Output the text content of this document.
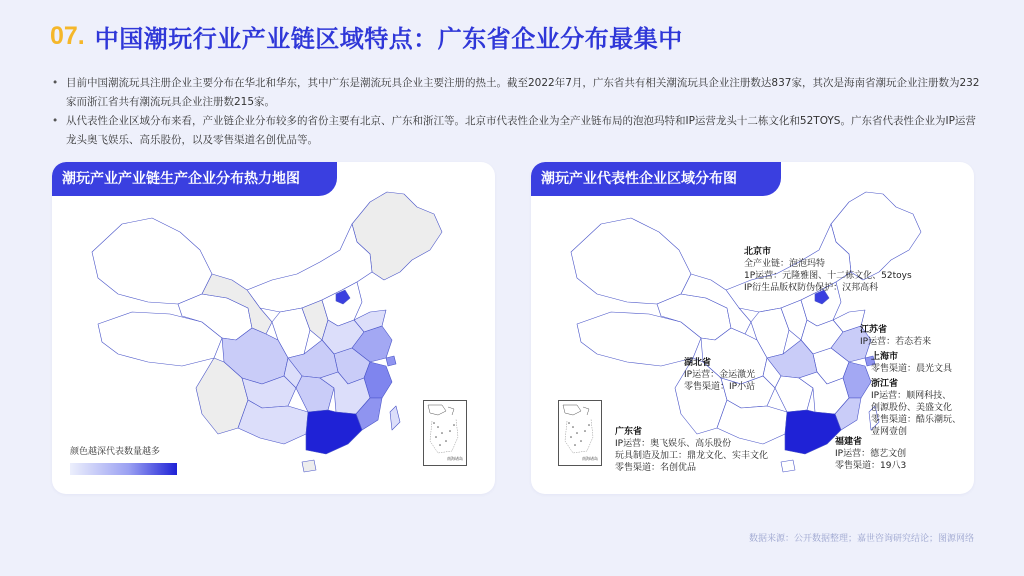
07. 中国潮玩行业产业链区域特点：广东省企业分布最集中

• 目前中国潮流玩具注册企业主要分布在华北和华东，其中广东是潮流玩具企业主要注册的热土。截至2022年7月，广东省共有相关潮流玩具企业注册数达837家，其次是海南省潮玩企业注册数为232家而浙江省共有潮流玩具企业注册数215家。

• 从代表性企业区域分布来看，产业链企业分布较多的省份主要有北京、广东和浙江等。北京市代表性企业为全产业链布局的泡泡玛特和IP运营龙头十二栋文化和52TOYS。广东省代表性企业为IP运营龙头奥飞娱乐、高乐股份，以及零售渠道名创优品等。

潮玩产业产业链生产企业分布热力地图
颜色越深代表数量越多
南海诸岛
潮玩产业代表性企业区域分布图
南海诸岛
北京市
全产业链：泡泡玛特
1P运营：元隆雅图、十二栋文化、52toys
IP衍生品版权防伪保护：汉邦高科
江苏省
IP运营：若态若来
上海市
零售渠道：晨光文具
浙江省
IP运营：顺网科技、
创源股份、美盛文化
零售渠道：酷乐潮玩、
壹网壹创
福建省
IP运营：德艺文创
零售渠道：19八3
湖北省
IP运营：金运激光
零售渠道：IP小站
广东省
IP运营：奥飞娱乐、高乐股份
玩具制造及加工：鼎龙文化、实丰文化
零售渠道：名创优品
数据来源：公开数据整理；嘉世咨询研究结论；图源网络
